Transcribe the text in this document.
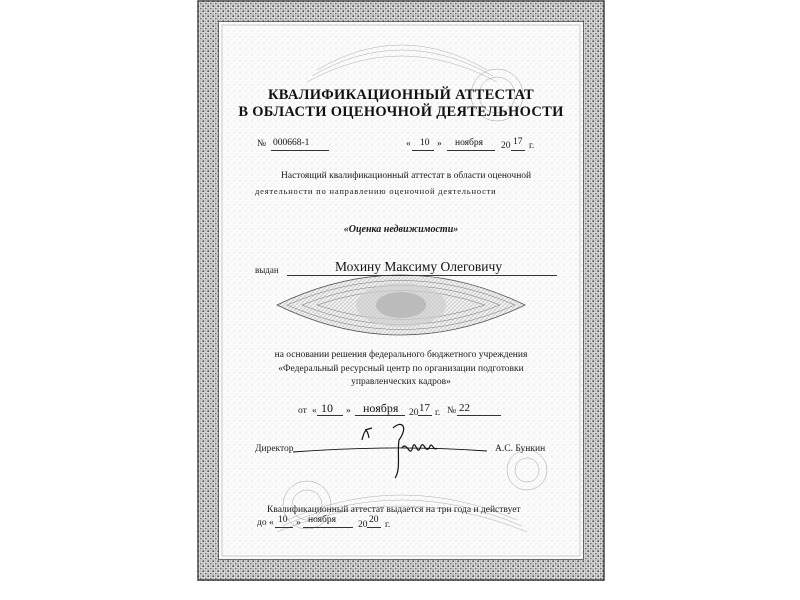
КВАЛИФИКАЦИОННЫЙ АТТЕСТАТ
В ОБЛАСТИ ОЦЕНОЧНОЙ ДЕЯТЕЛЬНОСТИ
№ 000668-1	« 10 » ноября 20 17 г.
Настоящий квалификационный аттестат в области оценочной
деятельности по направлению оценочной деятельности
«Оценка недвижимости»
выдан	Мохину Максиму Олеговичу
на основании решения федерального бюджетного учреждения
«Федеральный ресурсный центр по организации подготовки
управленческих кадров»
от « 10 » ноября 20 17 г. № 22
Директор	А.С. Бункин
Квалификационный аттестат выдается на три года и действует
до « 10 » ноября 20 20 г.
